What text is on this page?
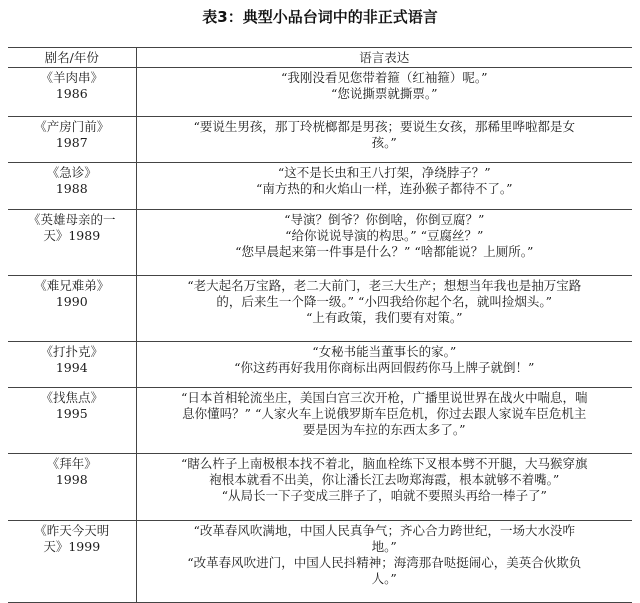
表3：典型小品台词中的非正式语言
剧名/年份	语言表达

《羊肉串》
1986	“我刚没看见您带着箍（红袖箍）呢。”
“您说撕票就撕票。”

《产房门前》
1987	“要说生男孩，那丁玲桄榔都是男孩；要说生女孩，那稀里哗啦都是女
孩。”

《急诊》
1988	“这不是长虫和王八打架，净绕脖子？”
“南方热的和火焰山一样，连孙猴子都待不了。”

《英雄母亲的一
天》1989	“导演？倒爷？你倒啥，你倒豆腐？”
“给你说说导演的构思。” “豆腐丝？”
“您早晨起来第一件事是什么？” “啥都能说？上厕所。”

《难兄难弟》
1990	“老大起名万宝路，老二大前门，老三大生产；想想当年我也是抽万宝路
的，后来生一个降一级。” “小四我给你起个名，就叫捡烟头。”
“上有政策，我们要有对策。”

《打扑克》
1994	“女秘书能当董事长的家。”
“你这药再好我用你商标出两回假药你马上牌子就倒！”

《找焦点》
1995	“日本首相轮流坐庄，美国白宫三次开枪，广播里说世界在战火中喘息，喘
息你懂吗？” “人家火车上说俄罗斯车臣危机，你过去跟人家说车臣危机主
要是因为车拉的东西太多了。”

《拜年》
1998	“瞎么杵子上南极根本找不着北，脑血栓练下叉根本劈不开腿，大马猴穿旗
袍根本就看不出美，你让潘长江去吻郑海霞，根本就够不着嘴。”
“从局长一下子变成三胖子了，咱就不要照头再给一棒子了”

《昨天今天明
天》1999	“改革春风吹满地，中国人民真争气；齐心合力跨世纪，一场大水没咋
地。”
“改革春风吹进门，中国人民抖精神；海湾那旮哒挺闹心，美英合伙欺负
人。”
